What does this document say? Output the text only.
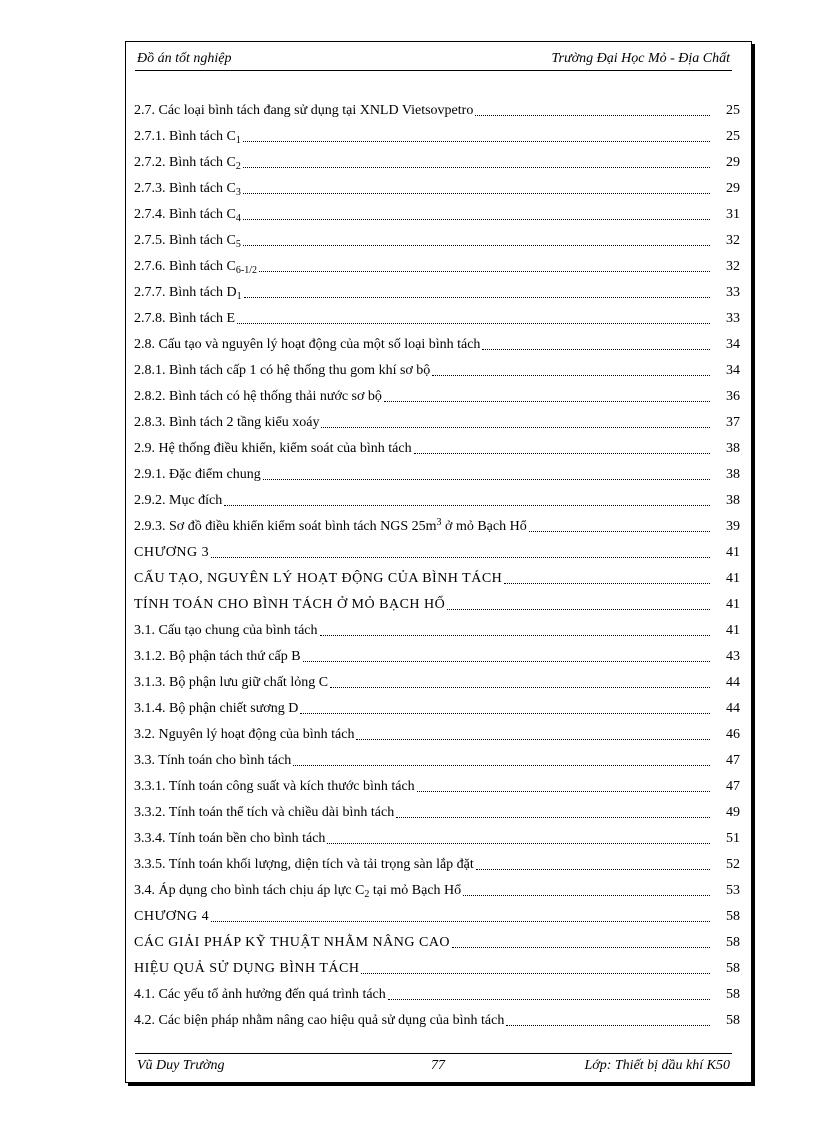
Đồ án tốt nghiệp	Trường Đại Học Mỏ - Địa Chất
2.7. Các loại bình tách đang sử dụng tại XNLD Vietsovpetro	25
2.7.1. Bình tách $C_1$	25
2.7.2. Bình tách $C_2$	29
2.7.3. Bình tách $C_3$	29
2.7.4. Bình tách $C_4$	31
2.7.5. Bình tách $C_5$	32
2.7.6. Bình tách $C_{6-1/2}$	32
2.7.7. Bình tách $D_1$	33
2.7.8. Bình tách E	33
2.8. Cấu tạo và nguyên lý hoạt động của một số loại bình tách	34
2.8.1. Bình tách cấp 1 có hệ thống thu gom khí sơ bộ	34
2.8.2. Bình tách có hệ thống thải nước sơ bộ	36
2.8.3. Bình tách 2 tầng kiểu xoáy	37
2.9. Hệ thống điều khiển, kiểm soát của bình tách	38
2.9.1. Đặc điểm chung	38
2.9.2. Mục đích	38
2.9.3. Sơ đồ điều khiển kiểm soát bình tách NGS $25m^3$ ở mỏ Bạch Hổ	39
CHƯƠNG 3	41
CẤU TẠO, NGUYÊN LÝ HOẠT ĐỘNG CỦA BÌNH TÁCH	41
TÍNH TOÁN CHO BÌNH TÁCH Ở MỎ BẠCH HỔ	41
3.1. Cấu tạo chung của bình tách	41
3.1.2. Bộ phận tách thứ cấp B	43
3.1.3. Bộ phận lưu giữ chất lỏng C	44
3.1.4. Bộ phận chiết sương D	44
3.2. Nguyên lý hoạt động của bình tách	46
3.3. Tính toán cho bình tách	47
3.3.1. Tính toán công suất và kích thước bình tách	47
3.3.2. Tính toán thể tích và chiều dài bình tách	49
3.3.4. Tính toán bền cho bình tách	51
3.3.5. Tính toán khối lượng, diện tích và tải trọng sàn lắp đặt	52
3.4. Áp dụng cho bình tách chịu áp lực $C_2$ tại mỏ Bạch Hổ	53
CHƯƠNG 4	58
CÁC GIẢI PHÁP KỸ THUẬT NHẰM NÂNG CAO	58
HIỆU QUẢ SỬ DỤNG BÌNH TÁCH	58
4.1. Các yếu tố ảnh hưởng đến quá trình tách	58
4.2. Các biện pháp nhằm nâng cao hiệu quả sử dụng của bình tách	58
Vũ Duy Trường	77	Lớp: Thiết bị dầu khí K50
